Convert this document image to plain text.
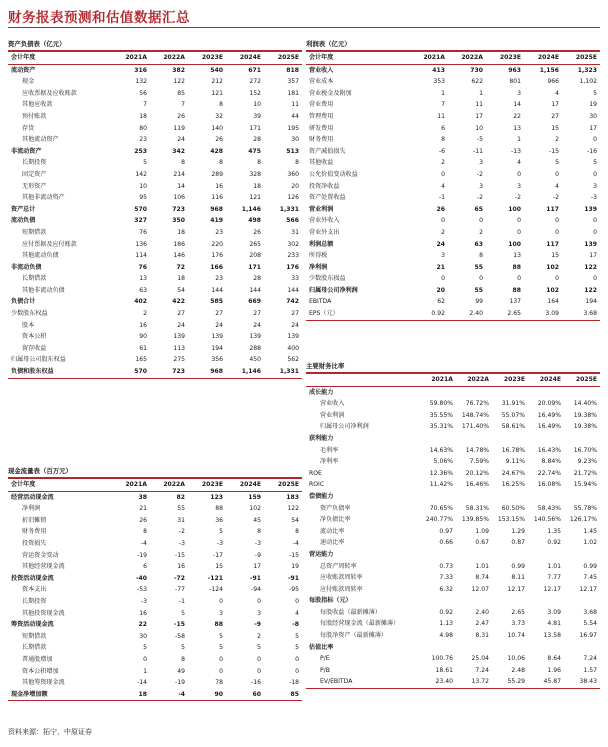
财务报表预测和估值数据汇总
资产负债表（亿元）
会计年度	2021A	2022A	2023E	2024E	2025E
流动资产	316	382	540	671	818
现金	132	122	212	272	357
应收票据及应收账款	56	85	121	152	181
其他应收款	7	7	8	10	11
预付账款	18	26	32	39	44
存货	80	119	140	171	195
其他流动资产	23	24	26	28	30
非流动资产	253	342	428	475	513
长期投资	5	8	8	8	8
固定资产	142	214	289	328	360
无形资产	10	14	16	18	20
其他非流动资产	95	106	116	121	126
资产总计	570	723	968	1,146	1,331
流动负债	327	350	419	498	566
短期借款	76	18	23	26	31
应付票据及应付账款	136	186	220	265	302
其他流动负债	114	146	176	208	233
非流动负债	76	72	166	171	176
长期借款	13	18	23	28	33
其他非流动负债	63	54	144	144	144
负债合计	402	422	585	669	742
少数股东权益	2	27	27	27	27
股本	16	24	24	24	24
资本公积	90	139	139	139	139
留存收益	61	113	194	288	400
归属母公司股东权益	165	275	356	450	562
负债和股东权益	570	723	968	1,146	1,331
利润表（亿元）
会计年度	2021A	2022A	2023E	2024E	2025E
营业收入	413	730	963	1,156	1,323
营业成本	353	622	801	966	1,102
营业税金及附加	1	1	3	4	5
营业费用	7	11	14	17	19
管理费用	11	17	22	27	30
研发费用	6	10	13	15	17
财务费用	8	-5	1	2	0
资产减值损失	-6	-11	-13	-15	-16
其他收益	2	3	4	5	5
公允价值变动收益	0	-2	0	0	0
投资净收益	4	3	3	4	3
资产处置收益	-1	-2	-2	-2	-3
营业利润	26	65	100	117	139
营业外收入	0	0	0	0	0
营业外支出	2	2	0	0	0
利润总额	24	63	100	117	139
所得税	3	8	13	15	17
净利润	21	55	88	102	122
少数股东损益	0	0	0	0	0
归属母公司净利润	20	55	88	102	122
EBITDA	62	99	137	164	194
EPS（元）	0.92	2.40	2.65	3.09	3.68
主要财务比率
	2021A	2022A	2023E	2024E	2025E
成长能力					
营业收入	59.80%	76.72%	31.91%	20.09%	14.40%
营业利润	35.55%	148.74%	55.07%	16.49%	19.38%
归属母公司净利润	35.31%	171.40%	58.61%	16.49%	19.38%
获利能力					
毛利率	14.63%	14.78%	16.78%	16.43%	16.70%
净利率	5.06%	7.59%	9.11%	8.84%	9.23%
ROE	12.36%	20.12%	24.67%	22.74%	21.72%
ROIC	11.42%	16.46%	16.25%	16.08%	15.94%
偿债能力					
资产负债率	70.65%	58.31%	60.50%	58.43%	55.78%
净负债比率	240.77%	139.85%	153.15%	140.56%	126.17%
流动比率	0.97	1.09	1.29	1.35	1.45
速动比率	0.66	0.67	0.87	0.92	1.02
营运能力					
总资产周转率	0.73	1.01	0.99	1.01	0.99
应收账款周转率	7.33	8.74	8.11	7.77	7.45
应付账款周转率	6.32	12.07	12.17	12.17	12.17
每股指标（元）					
每股收益（最新摊薄）	0.92	2.40	2.65	3.09	3.68
每股经营现金流（最新摊薄）	1.13	2.47	3.73	4.81	5.54
每股净资产（最新摊薄）	4.98	8.31	10.74	13.58	16.97
估值比率					
P/E	100.76	25.04	10.06	8.64	7.24
P/B	18.61	7.24	2.48	1.96	1.57
EV/EBITDA	23.40	13.72	55.29	45.87	38.43
现金流量表（百万元）
会计年度	2021A	2022A	2023E	2024E	2025E
经营活动现金流	38	82	123	159	183
净利润	21	55	88	102	122
折旧摊销	26	31	36	45	54
财务费用	8	-2	5	8	8
投资损失	-4	-3	-3	-3	-4
营运资金变动	-19	-15	-17	-9	-15
其他经营现金流	6	16	15	17	19
投资活动现金流	-40	-72	-121	-91	-91
资本支出	-53	-77	-124	-94	-95
长期投资	-3	-1	0	0	0
其他投资现金流	16	5	3	3	4
筹资活动现金流	22	-15	88	-9	-8
短期借款	30	-58	5	2	5
长期借款	5	5	5	5	5
普通股增加	0	8	0	0	0
资本公积增加	1	49	0	0	0
其他筹资现金流	-14	-19	78	-16	-18
现金净增加额	18	-4	90	60	85
资料来源：拓宁，中原证券
